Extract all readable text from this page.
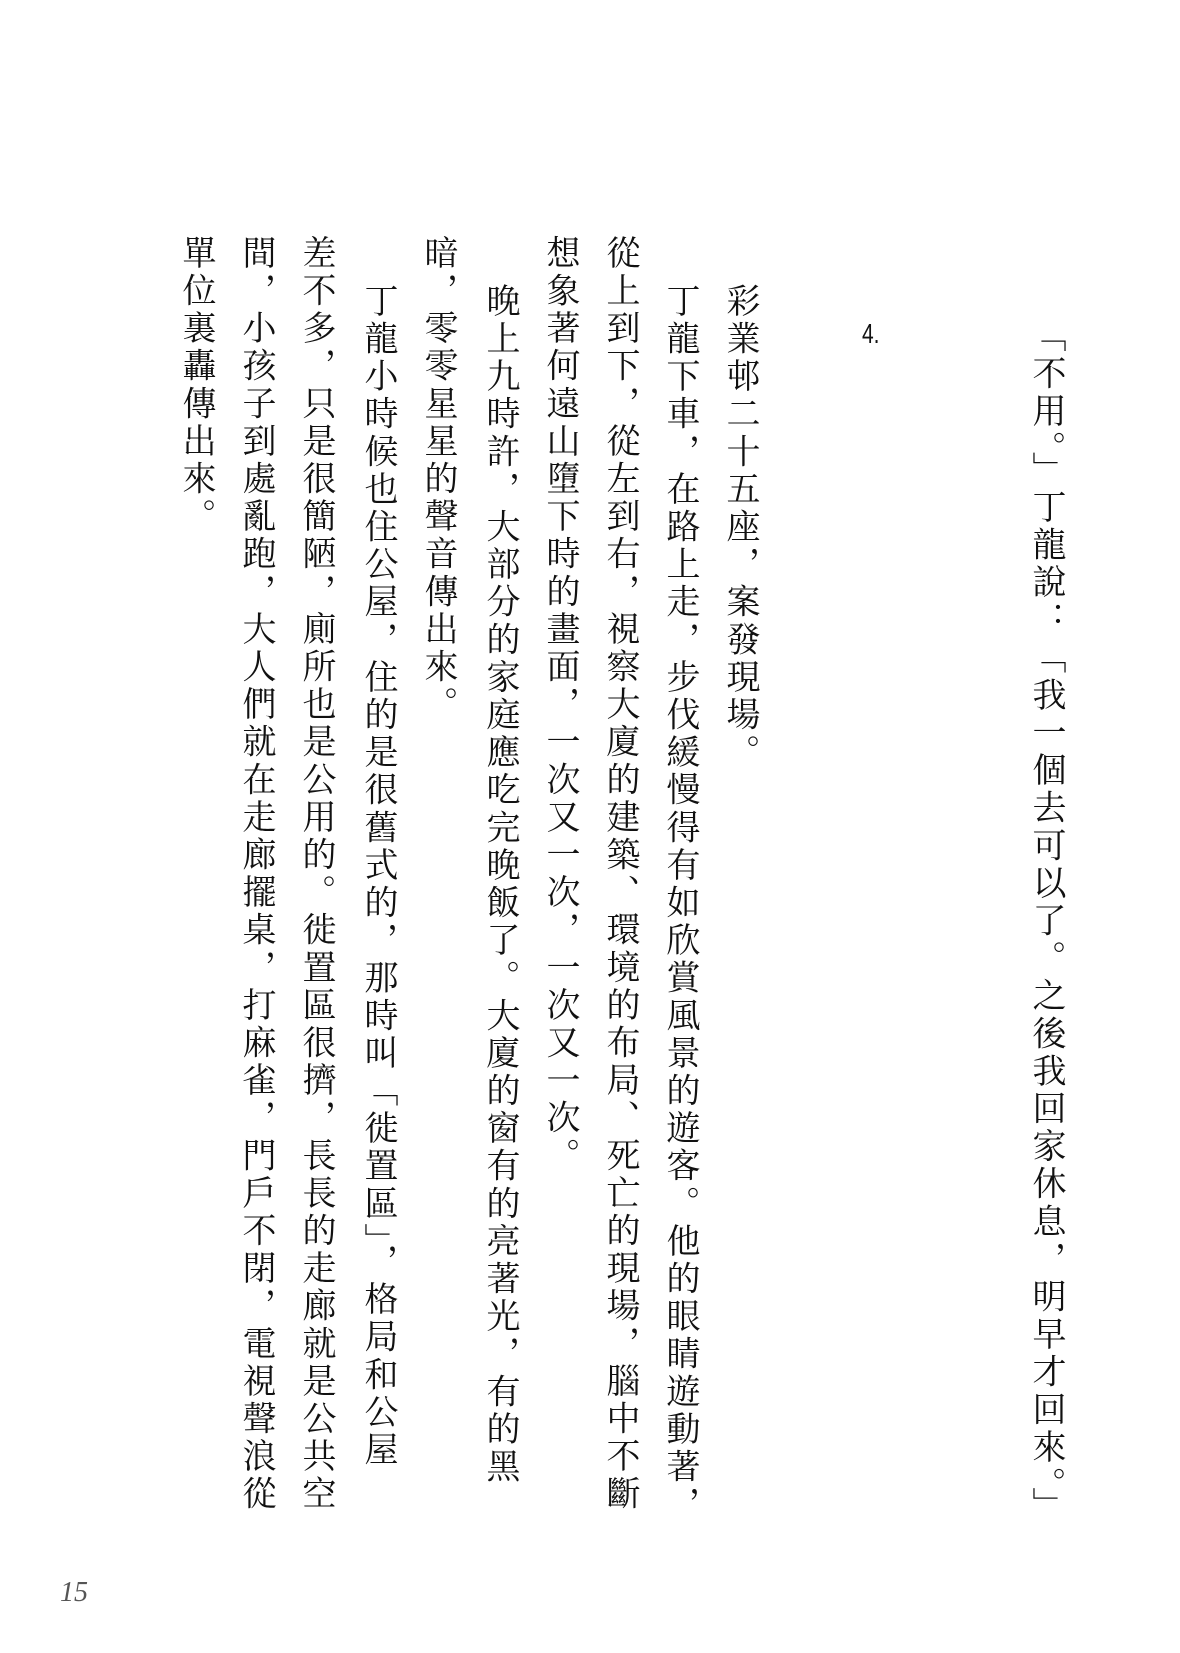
「不用。」丁龍說：「我一個去可以了。之後我回家休息，明早才回來。」
4.
彩業邨二十五座，案發現場。
丁龍下車，在路上走，步伐緩慢得有如欣賞風景的遊客。他的眼睛遊動著，
從上到下，從左到右，視察大廈的建築、環境的布局、死亡的現場，腦中不斷
想象著何遠山墮下時的畫面，一次又一次，一次又一次。
晚上九時許，大部分的家庭應吃完晚飯了。大廈的窗有的亮著光，有的黑
暗，零零星星的聲音傳出來。
丁龍小時候也住公屋，住的是很舊式的，那時叫「徙置區」，格局和公屋
差不多，只是很簡陋，廁所也是公用的。徙置區很擠，長長的走廊就是公共空
間，小孩子到處亂跑，大人們就在走廊擺桌，打麻雀，門戶不閉，電視聲浪從
單位裏轟傳出來。
15
